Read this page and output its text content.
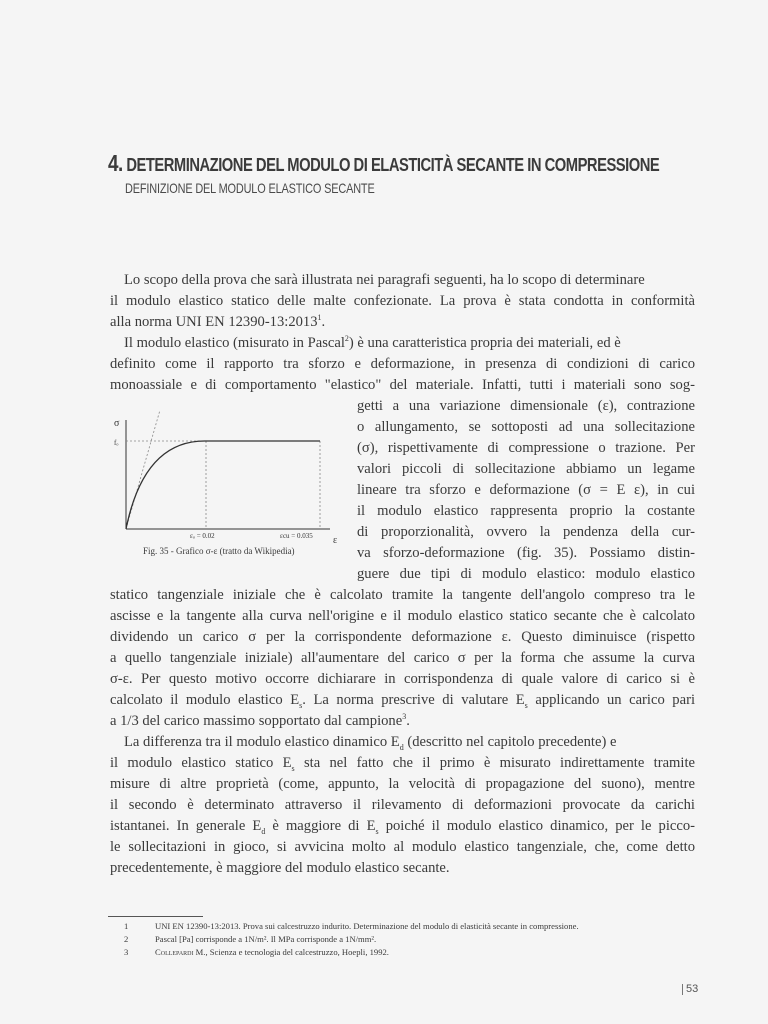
4. DETERMINAZIONE DEL MODULO DI ELASTICITÀ SECANTE IN COMPRESSIONE
DEFINIZIONE DEL MODULO ELASTICO SECANTE
Lo scopo della prova che sarà illustrata nei paragrafi seguenti, ha lo scopo di determinare
il modulo elastico statico delle malte confezionate. La prova è stata condotta in conformità
alla norma UNI EN 12390-13:2013$^1$.
Il modulo elastico (misurato in Pascal$^2$) è una caratteristica propria dei materiali, ed è
definito come il rapporto tra sforzo e deformazione, in presenza di condizioni di carico
monoassiale e di comportamento "elastico" del materiale. Infatti, tutti i materiali sono sog-
getti a una variazione dimensionale (ε), contrazione
o allungamento, se sottoposti ad una sollecitazione
(σ), rispettivamente di compressione o trazione. Per
valori piccoli di sollecitazione abbiamo un legame
lineare tra sforzo e deformazione (σ = E ε), in cui
il modulo elastico rappresenta proprio la costante
di proporzionalità, ovvero la pendenza della cur-
va sforzo-deformazione (fig. 35). Possiamo distin-
guere due tipi di modulo elastico: modulo elastico
σ
fₒ
ε
εₒ = 0.02	εcu = 0.035
Fig. 35 - Grafico σ-ε (tratto da Wikipedia)
statico tangenziale iniziale che è calcolato tramite la tangente dell'angolo compreso tra le
ascisse e la tangente alla curva nell'origine e il modulo elastico statico secante che è calcolato
dividendo un carico σ per la corrispondente deformazione ε. Questo diminuisce (rispetto
a quello tangenziale iniziale) all'aumentare del carico σ per la forma che assume la curva
σ-ε. Per questo motivo occorre dichiarare in corrispondenza di quale valore di carico si è
calcolato il modulo elastico $E_s$. La norma prescrive di valutare $E_s$ applicando un carico pari
a 1/3 del carico massimo sopportato dal campione$^3$.
La differenza tra il modulo elastico dinamico $E_d$ (descritto nel capitolo precedente) e
il modulo elastico statico $E_s$ sta nel fatto che il primo è misurato indirettamente tramite
misure di altre proprietà (come, appunto, la velocità di propagazione del suono), mentre
il secondo è determinato attraverso il rilevamento di deformazioni provocate da carichi
istantanei. In generale $E_d$ è maggiore di $E_s$ poiché il modulo elastico dinamico, per le picco-
le sollecitazioni in gioco, si avvicina molto al modulo elastico tangenziale, che, come detto
precedentemente, è maggiore del modulo elastico secante.
1	UNI EN 12390-13:2013. Prova sui calcestruzzo indurito. Determinazione del modulo di elasticità secante in compressione.
2	Pascal [Pa] corrisponde a 1N/m². Il MPa corrisponde a 1N/mm².
3	Collepardi M., Scienza e tecnologia del calcestruzzo, Hoepli, 1992.
53
